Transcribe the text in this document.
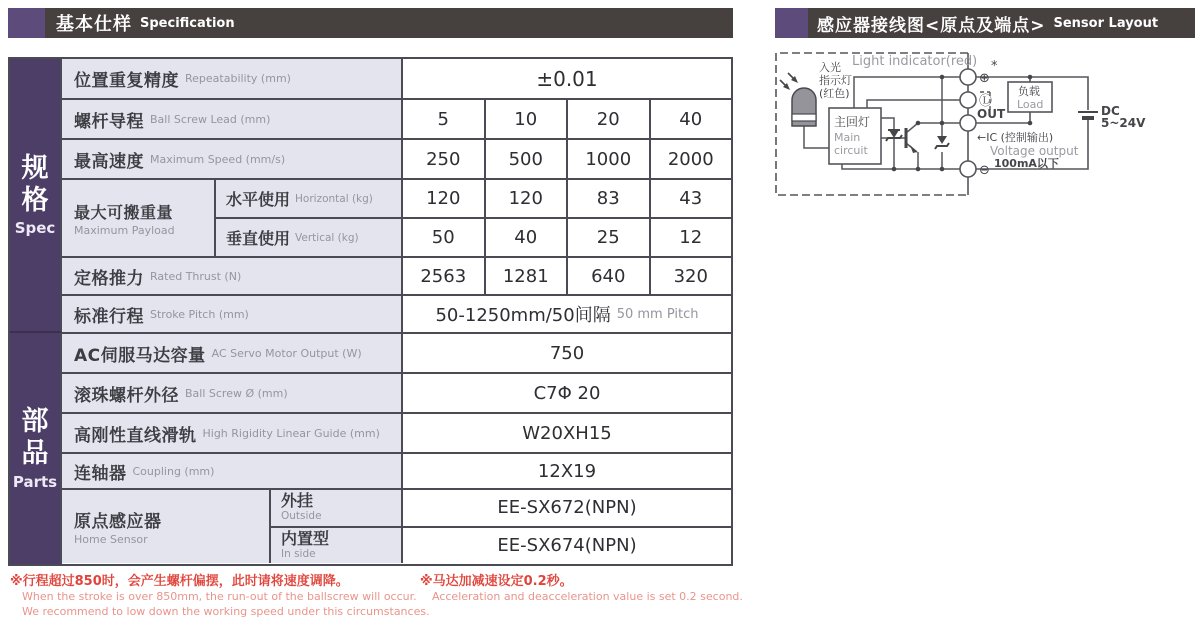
基本仕样 Specification	感应器接线图<原点及端点> Sensor Layout
规
格
Spec
部
品
Parts
位置重复精度 Repeatability (mm)	±0.01
螺杆导程 Ball Screw Lead (mm)	5	10	20	40
最高速度 Maximum Speed (mm/s)	250	500	1000	2000
最大可搬重量
Maximum Payload
水平使用 Horizontal (kg)	120	120	83	43
垂直使用 Vertical (kg)	50	40	25	12
定格推力 Rated Thrust (N)	2563	1281	640	320
标准行程 Stroke Pitch (mm)	50-1250mm/50间隔 50 mm Pitch
AC伺服马达容量 AC Servo Motor Output (W)	750
滚珠螺杆外径 Ball Screw Ø (mm)	C7Φ 20
高刚性直线滑轨 High Rigidity Linear Guide (mm)	W20XH15
连轴器 Coupling (mm)	12X19
原点感应器
Home Sensor
外挂
Outside	EE-SX672(NPN)
内置型
In side	EE-SX674(NPN)
Light indicator(red)
入光
指示灯
(红色)
主回灯
Main
circuit
⊕
*
Ⓛ
OUT
⊖
负载
Load
←IC (控制输出)
Voltage output
100mA以下
DC
5~24V
※行程超过850时，会产生螺杆偏摆，此时请将速度调降。
When the stroke is over 850mm, the run-out of the ballscrew will occur.
We recommend to low down the working speed under this circumstances.
※马达加减速设定0.2秒。
Acceleration and deacceleration value is set 0.2 second.
